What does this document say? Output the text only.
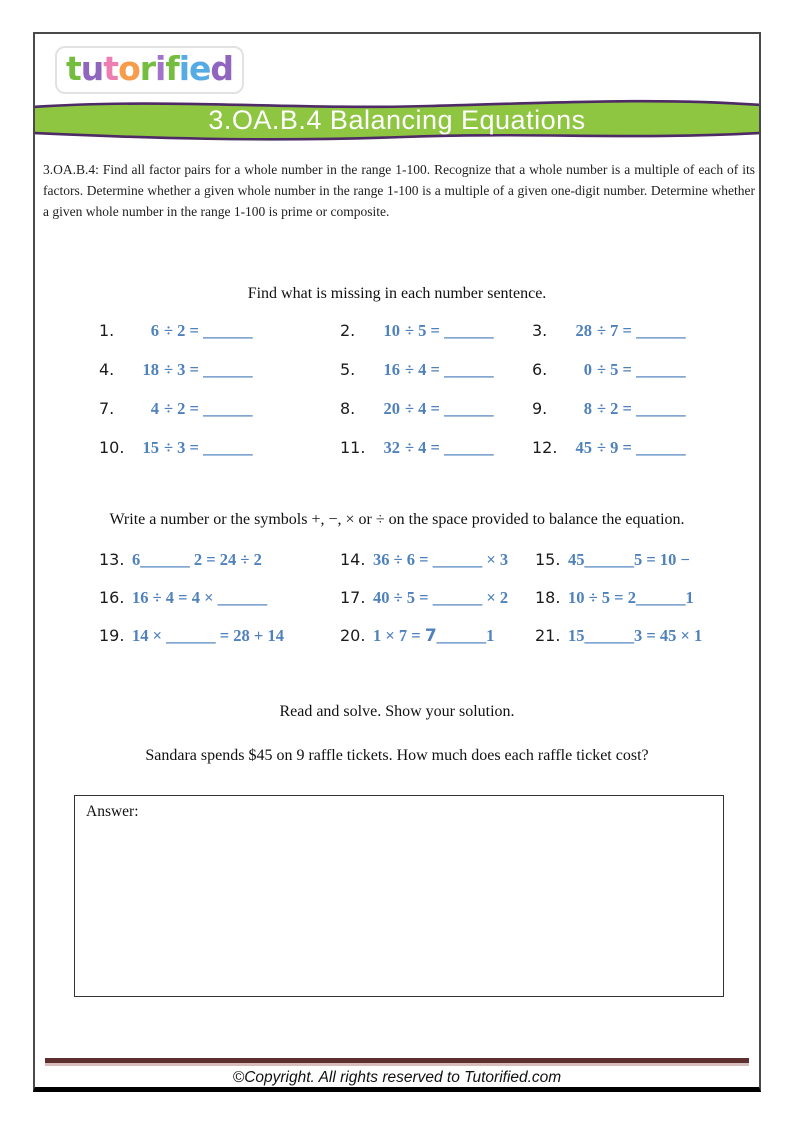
tutorified
3.OA.B.4 Balancing Equations
3.OA.B.4: Find all factor pairs for a whole number in the range 1-100. Recognize that a whole number is a multiple of each of its factors. Determine whether a given whole number in the range 1-100 is a multiple of a given one-digit number. Determine whether a given whole number in the range 1-100 is prime or composite.
Find what is missing in each number sentence.
1. 6 ÷ 2 = ______	2. 10 ÷ 5 = ______ 3. 28 ÷ 7 = ______
4. 18 ÷ 3 = ______	5. 16 ÷ 4 = ______ 6. 0 ÷ 5 = ______
7. 4 ÷ 2 = ______	8. 20 ÷ 4 = ______ 9. 8 ÷ 2 = ______
10. 15 ÷ 3 = ______	11. 32 ÷ 4 = ______ 12. 45 ÷ 9 = ______
Write a number or the symbols +, −, × or ÷ on the space provided to balance the equation.
13. 6______ 2 = 24 ÷ 2	14. 36 ÷ 6 = ______ × 3 15. 45______5 = 10 −
16. 16 ÷ 4 = 4 × ______	17. 40 ÷ 5 = ______ × 2 18. 10 ÷ 5 = 2______1
19. 14 × ______ = 28 + 14	20. 1 × 7 = 7______1	21. 15______3 = 45 × 1
Read and solve. Show your solution.
Sandara spends $45 on 9 raffle tickets. How much does each raffle ticket cost?
Answer:
©Copyright. All rights reserved to Tutorified.com
